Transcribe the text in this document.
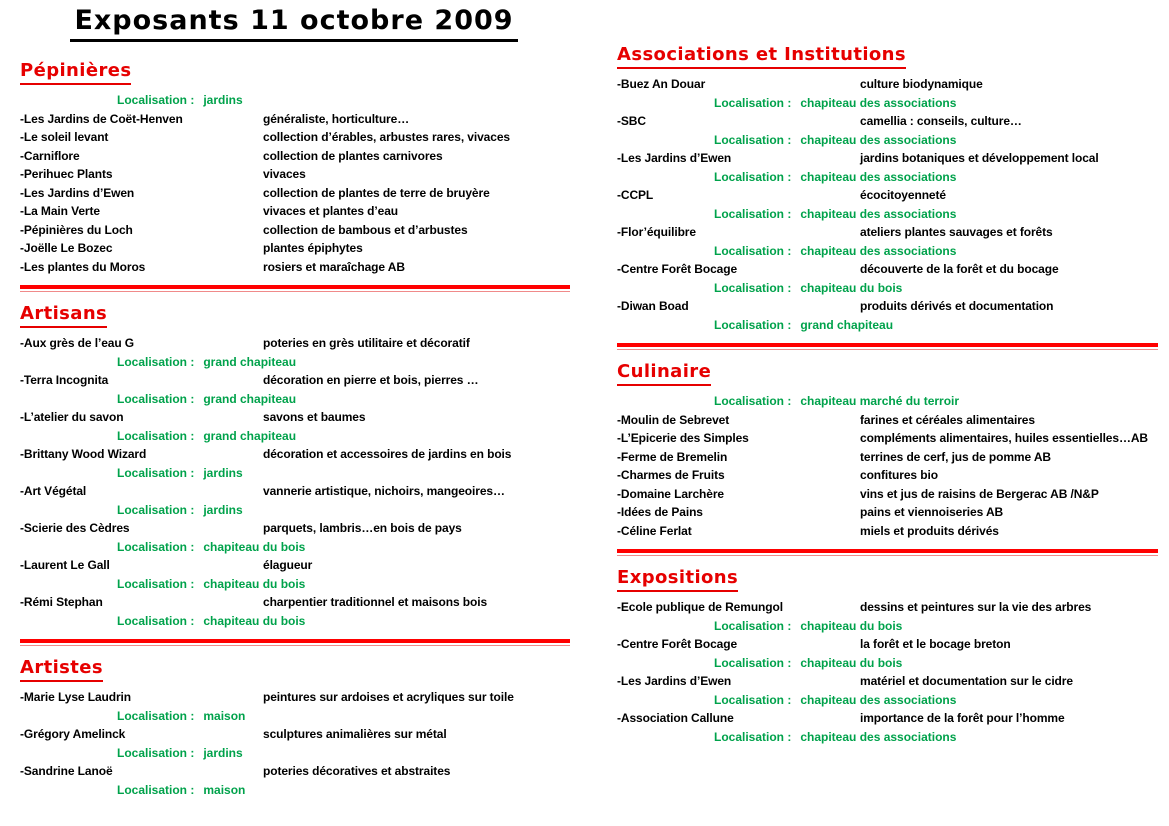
Exposants 11 octobre 2009
Pépinières
Localisation : jardins
-Les Jardins de Coët-Henven	généraliste, horticulture…
-Le soleil levant	collection d’érables, arbustes rares, vivaces
-Carniflore	collection de plantes carnivores
-Perihuec Plants	vivaces
-Les Jardins d’Ewen	collection de plantes de terre de bruyère
-La Main Verte	vivaces et plantes d’eau
-Pépinières du Loch	collection de bambous et d’arbustes
-Joëlle Le Bozec	plantes épiphytes
-Les plantes du Moros	rosiers et maraîchage AB
Artisans
-Aux grès de l’eau G	poteries en grès utilitaire et décoratif
Localisation : grand chapiteau
-Terra Incognita	décoration en pierre et bois, pierres …
Localisation : grand chapiteau
-L’atelier du savon	savons et baumes
Localisation : grand chapiteau
-Brittany Wood Wizard	décoration et accessoires de jardins en bois
Localisation : jardins
-Art Végétal	vannerie artistique, nichoirs, mangeoires…
Localisation : jardins
-Scierie des Cèdres	parquets, lambris…en bois de pays
Localisation : chapiteau du bois
-Laurent Le Gall	élagueur
Localisation : chapiteau du bois
-Rémi Stephan	charpentier traditionnel et maisons bois
Localisation : chapiteau du bois
Artistes
-Marie Lyse Laudrin	peintures sur ardoises et acryliques sur toile
Localisation : maison
-Grégory Amelinck	sculptures animalières sur métal
Localisation : jardins
-Sandrine Lanoë	poteries décoratives et abstraites
Localisation : maison
Associations et Institutions
-Buez An Douar	culture biodynamique
Localisation : chapiteau des associations
-SBC	camellia : conseils, culture…
Localisation : chapiteau des associations
-Les Jardins d’Ewen	jardins botaniques et développement local
Localisation : chapiteau des associations
-CCPL	écocitoyenneté
Localisation : chapiteau des associations
-Flor’équilibre	ateliers plantes sauvages et forêts
Localisation : chapiteau des associations
-Centre Forêt Bocage	découverte de la forêt et du bocage
Localisation : chapiteau du bois
-Diwan Boad	produits dérivés et documentation
Localisation : grand chapiteau
Culinaire
Localisation : chapiteau marché du terroir
-Moulin de Sebrevet	farines et céréales alimentaires
-L’Epicerie des Simples	compléments alimentaires, huiles essentielles…AB
-Ferme de Bremelin	terrines de cerf, jus de pomme AB
-Charmes de Fruits	confitures bio
-Domaine Larchère	vins et jus de raisins de Bergerac AB /N&P
-Idées de Pains	pains et viennoiseries AB
-Céline Ferlat	miels et produits dérivés
Expositions
-Ecole publique de Remungol	dessins et peintures sur la vie des arbres
Localisation : chapiteau du bois
-Centre Forêt Bocage	la forêt et le bocage breton
Localisation : chapiteau du bois
-Les Jardins d’Ewen	matériel et documentation sur le cidre
Localisation : chapiteau des associations
-Association Callune	importance de la forêt pour l’homme
Localisation : chapiteau des associations
